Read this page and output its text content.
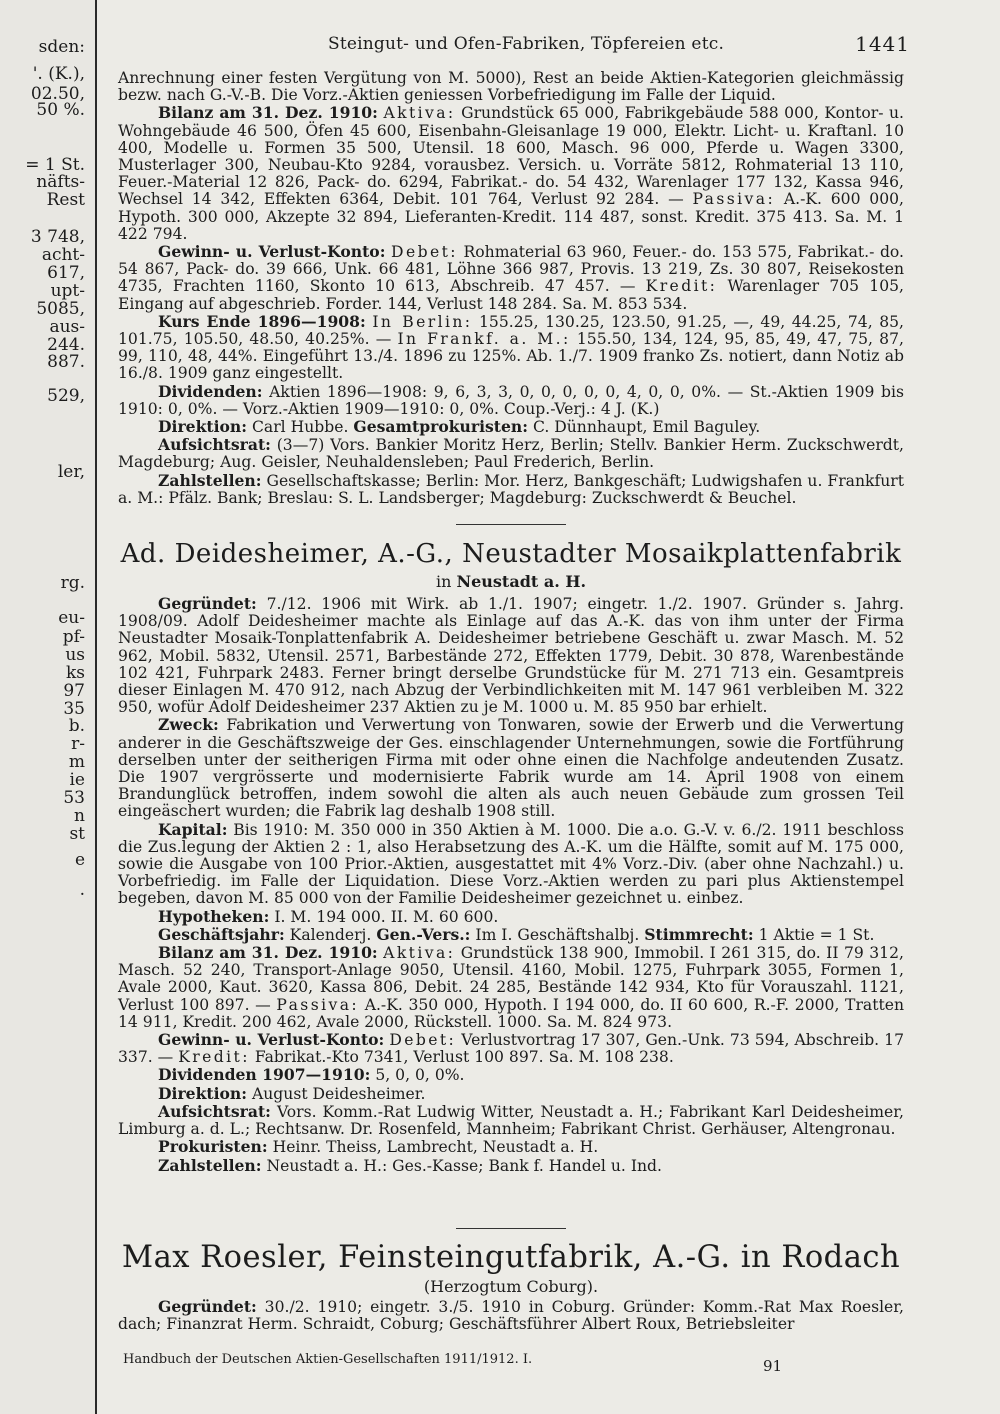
sden:
'. (K.),
02.50,
50 %.
= 1 St.
näfts-
Rest
3 748,
acht-
617,
upt-
5085,
aus-
244.
887.
529,
ler,
rg.
eu-
pf-
us
ks
97
35
b.
r-
m
ie
53
n
st
e
.
Steingut- und Ofen-Fabriken, Töpfereien etc.	1441

Anrechnung einer festen Vergütung von M. 5000), Rest an beide Aktien-Kategorien gleichmässig bezw. nach G.-V.-B. Die Vorz.-Aktien geniessen Vorbefriedigung im Falle der Liquid.

Bilanz am 31. Dez. 1910: Aktiva: Grundstück 65 000, Fabrikgebäude 588 000, Kontor- u. Wohngebäude 46 500, Öfen 45 600, Eisenbahn-Gleisanlage 19 000, Elektr. Licht- u. Kraftanl. 10 400, Modelle u. Formen 35 500, Utensil. 18 600, Masch. 96 000, Pferde u. Wagen 3300, Musterlager 300, Neubau-Kto 9284, vorausbez. Versich. u. Vorräte 5812, Rohmaterial 13 110, Feuer.-Material 12 826, Pack- do. 6294, Fabrikat.- do. 54 432, Warenlager 177 132, Kassa 946, Wechsel 14 342, Effekten 6364, Debit. 101 764, Verlust 92 284. — Passiva: A.-K. 600 000, Hypoth. 300 000, Akzepte 32 894, Lieferanten-Kredit. 114 487, sonst. Kredit. 375 413. Sa. M. 1 422 794.

Gewinn- u. Verlust-Konto: Debet: Rohmaterial 63 960, Feuer.- do. 153 575, Fabrikat.- do. 54 867, Pack- do. 39 666, Unk. 66 481, Löhne 366 987, Provis. 13 219, Zs. 30 807, Reisekosten 4735, Frachten 1160, Skonto 10 613, Abschreib. 47 457. — Kredit: Warenlager 705 105, Eingang auf abgeschrieb. Forder. 144, Verlust 148 284. Sa. M. 853 534.

Kurs Ende 1896—1908: In Berlin: 155.25, 130.25, 123.50, 91.25, —, 49, 44.25, 74, 85, 101.75, 105.50, 48.50, 40.25%. — In Frankf. a. M.: 155.50, 134, 124, 95, 85, 49, 47, 75, 87, 99, 110, 48, 44%. Eingeführt 13./4. 1896 zu 125%. Ab. 1./7. 1909 franko Zs. notiert, dann Notiz ab 16./8. 1909 ganz eingestellt.

Dividenden: Aktien 1896—1908: 9, 6, 3, 3, 0, 0, 0, 0, 0, 4, 0, 0, 0%. — St.-Aktien 1909 bis 1910: 0, 0%. — Vorz.-Aktien 1909—1910: 0, 0%. Coup.-Verj.: 4 J. (K.)

Direktion: Carl Hubbe. Gesamtprokuristen: C. Dünnhaupt, Emil Baguley.

Aufsichtsrat: (3—7) Vors. Bankier Moritz Herz, Berlin; Stellv. Bankier Herm. Zuckschwerdt, Magdeburg; Aug. Geisler, Neuhaldensleben; Paul Frederich, Berlin.

Zahlstellen: Gesellschaftskasse; Berlin: Mor. Herz, Bankgeschäft; Ludwigshafen u. Frankfurt a. M.: Pfälz. Bank; Breslau: S. L. Landsberger; Magdeburg: Zuckschwerdt & Beuchel.

Ad. Deidesheimer, A.-G., Neustadter Mosaikplattenfabrik
in Neustadt a. H.

Gegründet: 7./12. 1906 mit Wirk. ab 1./1. 1907; eingetr. 1./2. 1907. Gründer s. Jahrg. 1908/09. Adolf Deidesheimer machte als Einlage auf das A.-K. das von ihm unter der Firma Neustadter Mosaik-Tonplattenfabrik A. Deidesheimer betriebene Geschäft u. zwar Masch. M. 52 962, Mobil. 5832, Utensil. 2571, Barbestände 272, Effekten 1779, Debit. 30 878, Warenbestände 102 421, Fuhrpark 2483. Ferner bringt derselbe Grundstücke für M. 271 713 ein. Gesamtpreis dieser Einlagen M. 470 912, nach Abzug der Verbindlichkeiten mit M. 147 961 verbleiben M. 322 950, wofür Adolf Deidesheimer 237 Aktien zu je M. 1000 u. M. 85 950 bar erhielt.

Zweck: Fabrikation und Verwertung von Tonwaren, sowie der Erwerb und die Verwertung anderer in die Geschäftszweige der Ges. einschlagender Unternehmungen, sowie die Fortführung derselben unter der seitherigen Firma mit oder ohne einen die Nachfolge andeutenden Zusatz. Die 1907 vergrösserte und modernisierte Fabrik wurde am 14. April 1908 von einem Brandunglück betroffen, indem sowohl die alten als auch neuen Gebäude zum grossen Teil eingeäschert wurden; die Fabrik lag deshalb 1908 still.

Kapital: Bis 1910: M. 350 000 in 350 Aktien à M. 1000. Die a.o. G.-V. v. 6./2. 1911 beschloss die Zus.legung der Aktien 2 : 1, also Herabsetzung des A.-K. um die Hälfte, somit auf M. 175 000, sowie die Ausgabe von 100 Prior.-Aktien, ausgestattet mit 4% Vorz.-Div. (aber ohne Nachzahl.) u. Vorbefriedig. im Falle der Liquidation. Diese Vorz.-Aktien werden zu pari plus Aktienstempel begeben, davon M. 85 000 von der Familie Deidesheimer gezeichnet u. einbez.

Hypotheken: I. M. 194 000. II. M. 60 600.

Geschäftsjahr: Kalenderj. Gen.-Vers.: Im I. Geschäftshalbj. Stimmrecht: 1 Aktie = 1 St.

Bilanz am 31. Dez. 1910: Aktiva: Grundstück 138 900, Immobil. I 261 315, do. II 79 312, Masch. 52 240, Transport-Anlage 9050, Utensil. 4160, Mobil. 1275, Fuhrpark 3055, Formen 1, Avale 2000, Kaut. 3620, Kassa 806, Debit. 24 285, Bestände 142 934, Kto für Vorauszahl. 1121, Verlust 100 897. — Passiva: A.-K. 350 000, Hypoth. I 194 000, do. II 60 600, R.-F. 2000, Tratten 14 911, Kredit. 200 462, Avale 2000, Rückstell. 1000. Sa. M. 824 973.

Gewinn- u. Verlust-Konto: Debet: Verlustvortrag 17 307, Gen.-Unk. 73 594, Abschreib. 17 337. — Kredit: Fabrikat.-Kto 7341, Verlust 100 897. Sa. M. 108 238.

Dividenden 1907—1910: 5, 0, 0, 0%.

Direktion: August Deidesheimer.

Aufsichtsrat: Vors. Komm.-Rat Ludwig Witter, Neustadt a. H.; Fabrikant Karl Deidesheimer, Limburg a. d. L.; Rechtsanw. Dr. Rosenfeld, Mannheim; Fabrikant Christ. Gerhäuser, Altengronau.

Prokuristen: Heinr. Theiss, Lambrecht, Neustadt a. H.

Zahlstellen: Neustadt a. H.: Ges.-Kasse; Bank f. Handel u. Ind.

Max Roesler, Feinsteingutfabrik, A.-G. in Rodach
(Herzogtum Coburg).

Gegründet: 30./2. 1910; eingetr. 3./5. 1910 in Coburg. Gründer: Komm.-Rat Max Roesler, dach; Finanzrat Herm. Schraidt, Coburg; Geschäftsführer Albert Roux, Betriebsleiter

Handbuch der Deutschen Aktien-Gesellschaften 1911/1912. I.	91
